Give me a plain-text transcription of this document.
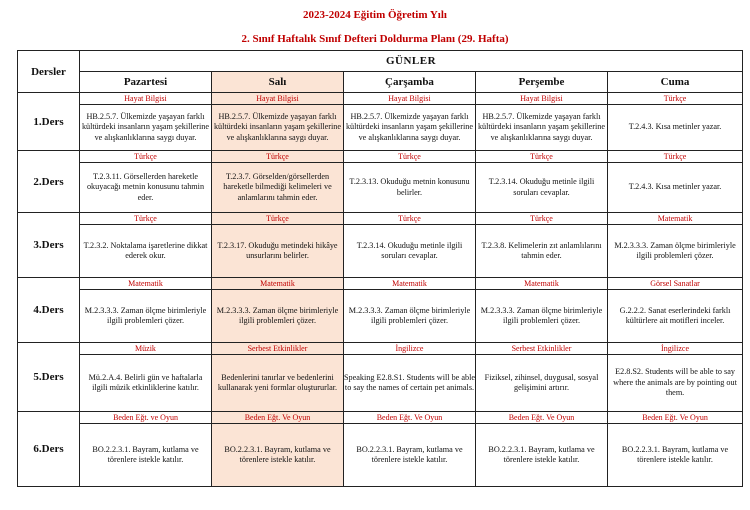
2023-2024 Eğitim Öğretim Yılı
2. Sınıf Haftalık Sınıf Defteri Doldurma Planı (29. Hafta)
Dersler	GÜNLER				
	Pazartesi	Salı	Çarşamba	Perşembe	Cuma
1.Ders	Hayat Bilgisi	Hayat Bilgisi	Hayat Bilgisi	Hayat Bilgisi	Türkçe
	HB.2.5.7. Ülkemizde yaşayan farklı kültürdeki insanların yaşam şekillerine ve alışkanlıklarına saygı duyar.	HB.2.5.7. Ülkemizde yaşayan farklı kültürdeki insanların yaşam şekillerine ve alışkanlıklarına saygı duyar.	HB.2.5.7. Ülkemizde yaşayan farklı kültürdeki insanların yaşam şekillerine ve alışkanlıklarına saygı duyar.	HB.2.5.7. Ülkemizde yaşayan farklı kültürdeki insanların yaşam şekillerine ve alışkanlıklarına saygı duyar.	T.2.4.3. Kısa metinler yazar.
2.Ders	Türkçe	Türkçe	Türkçe	Türkçe	Türkçe
	T.2.3.11. Görsellerden hareketle okuyacağı metnin konusunu tahmin eder.	T.2.3.7. Görselden/görsellerden hareketle bilmediği kelimeleri ve anlamlarını tahmin eder.	T.2.3.13. Okuduğu metnin konusunu belirler.	T.2.3.14. Okuduğu metinle ilgili soruları cevaplar.	T.2.4.3. Kısa metinler yazar.
3.Ders	Türkçe	Türkçe	Türkçe	Türkçe	Matematik
	T.2.3.2. Noktalama işaretlerine dikkat ederek okur.	T.2.3.17. Okuduğu metindeki hikâye unsurlarını belirler.	T.2.3.14. Okuduğu metinle ilgili soruları cevaplar.	T.2.3.8. Kelimelerin zıt anlamlılarını tahmin eder.	M.2.3.3.3. Zaman ölçme birimleriyle ilgili problemleri çözer.
4.Ders	Matematik	Matematik	Matematik	Matematik	Görsel Sanatlar
	M.2.3.3.3. Zaman ölçme birimleriyle ilgili problemleri çözer.	M.2.3.3.3. Zaman ölçme birimleriyle ilgili problemleri çözer.	M.2.3.3.3. Zaman ölçme birimleriyle ilgili problemleri çözer.	M.2.3.3.3. Zaman ölçme birimleriyle ilgili problemleri çözer.	G.2.2.2. Sanat eserlerindeki farklı kültürlere ait motifleri inceler.
5.Ders	Müzik	Serbest Etkinlikler	İngilizce	Serbest Etkinlikler	İngilizce
	Mü.2.A.4. Belirli gün ve haftalarla ilgili müzik etkinliklerine katılır.	Bedenlerini tanırlar ve bedenlerini kullanarak yeni formlar oluştururlar.	Speaking E2.8.S1. Students will be able to say the names of certain pet animals.	Fiziksel, zihinsel, duygusal, sosyal gelişimini artırır.	E2.8.S2. Students will be able to say where the animals are by pointing out them.
6.Ders	Beden Eğt. ve Oyun	Beden Eğt. Ve Oyun	Beden Eğt. Ve Oyun	Beden Eğt. Ve Oyun	Beden Eğt. Ve Oyun
	BO.2.2.3.1. Bayram, kutlama ve törenlere istekle katılır.	BO.2.2.3.1. Bayram, kutlama ve törenlere istekle katılır.	BO.2.2.3.1. Bayram, kutlama ve törenlere istekle katılır.	BO.2.2.3.1. Bayram, kutlama ve törenlere istekle katılır.	BO.2.2.3.1. Bayram, kutlama ve törenlere istekle katılır.
